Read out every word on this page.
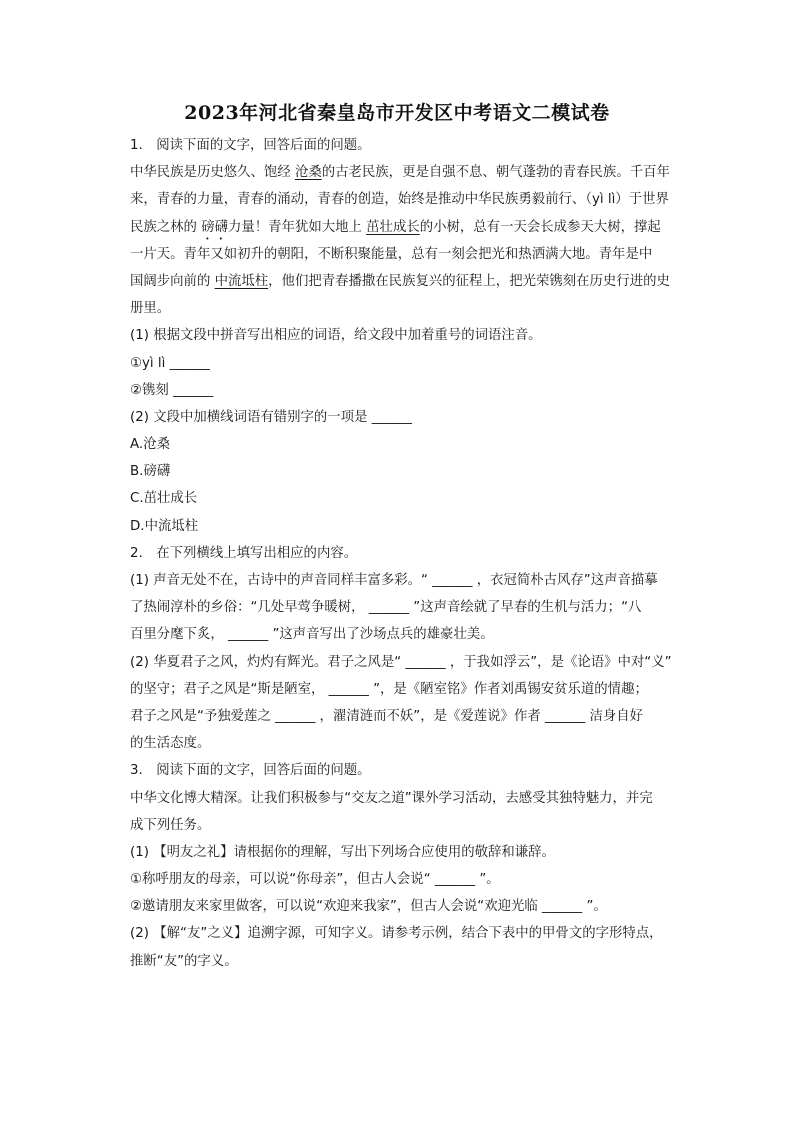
2023年河北省秦皇岛市开发区中考语文二模试卷
1. 阅读下面的文字，回答后面的问题。
中华民族是历史悠久、饱经 沧桑的古老民族，更是自强不息、朝气蓬勃的青春民族。千百年
来，青春的力量，青春的涌动，青春的创造，始终是推动中华民族勇毅前行、（yì lì）于世界
民族之林的 磅礴力量！青年犹如大地上 茁壮成长的小树，总有一天会长成参天大树，撑起
一片天。青年又如初升的朝阳，不断积聚能量，总有一刻会把光和热洒满大地。青年是中
国阔步向前的 中流坻柱，他们把青春播撒在民族复兴的征程上，把光荣镌刻在历史行进的史
册里。
(1) 根据文段中拼音写出相应的词语，给文段中加着重号的词语注音。
①yì lì ______
②镌刻 ______
(2) 文段中加横线词语有错别字的一项是 ______
A.沧桑
B.磅礴
C.茁壮成长
D.中流坻柱
2. 在下列横线上填写出相应的内容。
(1) 声音无处不在，古诗中的声音同样丰富多彩。“ ______ ，衣冠简朴古风存”这声音描摹
了热闹淳朴的乡俗：“几处早莺争暖树， ______ ”这声音绘就了早春的生机与活力；“八
百里分麾下炙， ______ ”这声音写出了沙场点兵的雄豪壮美。
(2) 华夏君子之风，灼灼有辉光。君子之风是“ ______ ，于我如浮云”，是《论语》中对“义”
的坚守；君子之风是“斯是陋室， ______ ”，是《陋室铭》作者刘禹锡安贫乐道的情趣；
君子之风是“予独爱莲之 ______ ，濯清涟而不妖”，是《爱莲说》作者 ______ 洁身自好
的生活态度。
3. 阅读下面的文字，回答后面的问题。
中华文化博大精深。让我们积极参与“交友之道”课外学习活动，去感受其独特魅力，并完
成下列任务。
(1) 【明友之礼】请根据你的理解，写出下列场合应使用的敬辞和谦辞。
①称呼朋友的母亲，可以说“你母亲”，但古人会说“ ______ ”。
②邀请朋友来家里做客，可以说“欢迎来我家”，但古人会说“欢迎光临 ______ ”。
(2) 【解“友”之义】追溯字源，可知字义。请参考示例，结合下表中的甲骨文的字形特点，
推断“友”的字义。
